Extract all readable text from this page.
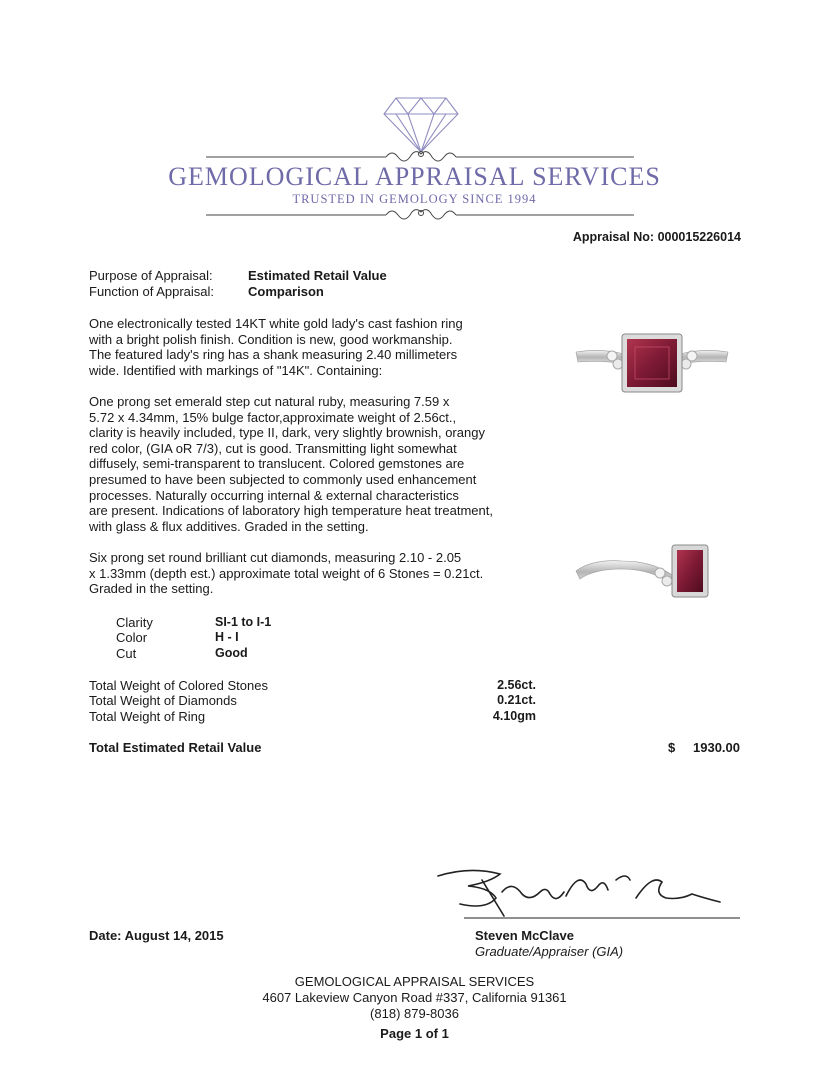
GEMOLOGICAL APPRAISAL SERVICES
TRUSTED IN GEMOLOGY SINCE 1994
Appraisal No: 000015226014
Purpose of Appraisal:	Estimated Retail Value
Function of Appraisal:	Comparison
One electronically tested 14KT white gold lady's cast fashion ring
with a bright polish finish. Condition is new, good workmanship.
The featured lady's ring has a shank measuring 2.40 millimeters
wide. Identified with markings of "14K". Containing:
One prong set emerald step cut natural ruby, measuring 7.59 x
5.72 x 4.34mm, 15% bulge factor,approximate weight of 2.56ct.,
clarity is heavily included, type II, dark, very slightly brownish, orangy
red color, (GIA oR 7/3), cut is good. Transmitting light somewhat
diffusely, semi-transparent to translucent. Colored gemstones are
presumed to have been subjected to commonly used enhancement
processes. Naturally occurring internal & external characteristics
are present. Indications of laboratory high temperature heat treatment,
with glass & flux additives. Graded in the setting.
Six prong set round brilliant cut diamonds, measuring 2.10 - 2.05
x 1.33mm (depth est.) approximate total weight of 6 Stones = 0.21ct.
Graded in the setting.
Clarity	SI-1 to I-1
Color	H - I
Cut	Good
Total Weight of Colored Stones	2.56ct.
Total Weight of Diamonds	0.21ct.
Total Weight of Ring	4.10gm
Total Estimated Retail Value	$ 1930.00
Date: August 14, 2015	Steven McClave
Graduate/Appraiser (GIA)
GEMOLOGICAL APPRAISAL SERVICES
4607 Lakeview Canyon Road #337, California 91361
(818) 879-8036
Page 1 of 1
